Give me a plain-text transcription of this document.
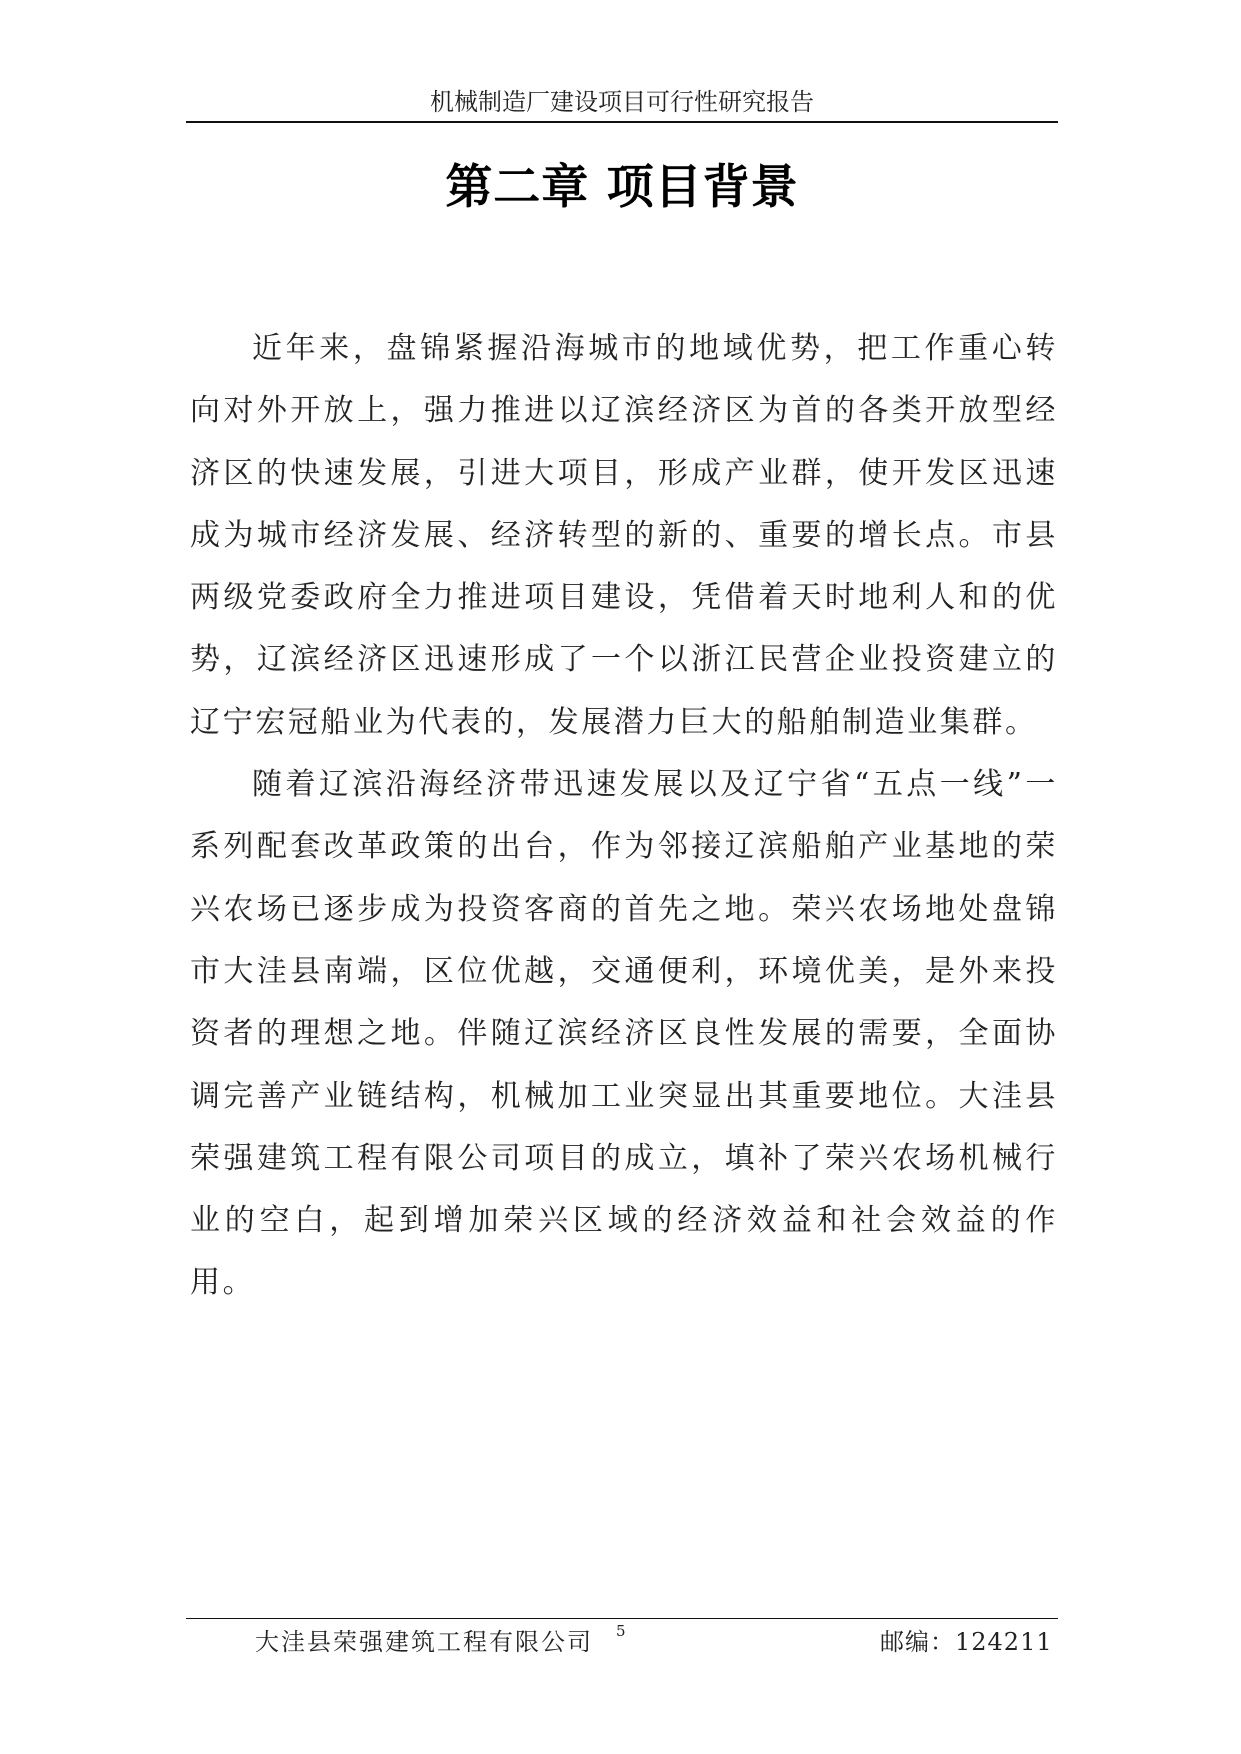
机械制造厂建设项目可行性研究报告
第二章 项目背景

近年来，盘锦紧握沿海城市的地域优势，把工作重心转向对外开放上，强力推进以辽滨经济区为首的各类开放型经济区的快速发展，引进大项目，形成产业群，使开发区迅速成为城市经济发展、经济转型的新的、重要的增长点。市县两级党委政府全力推进项目建设，凭借着天时地利人和的优势，辽滨经济区迅速形成了一个以浙江民营企业投资建立的辽宁宏冠船业为代表的，发展潜力巨大的船舶制造业集群。

随着辽滨沿海经济带迅速发展以及辽宁省“五点一线”一系列配套改革政策的出台，作为邻接辽滨船舶产业基地的荣兴农场已逐步成为投资客商的首先之地。荣兴农场地处盘锦市大洼县南端，区位优越，交通便利，环境优美，是外来投资者的理想之地。伴随辽滨经济区良性发展的需要，全面协调完善产业链结构，机械加工业突显出其重要地位。大洼县荣强建筑工程有限公司项目的成立，填补了荣兴农场机械行业的空白，起到增加荣兴区域的经济效益和社会效益的作用。

大洼县荣强建筑工程有限公司 5	邮编：124211
